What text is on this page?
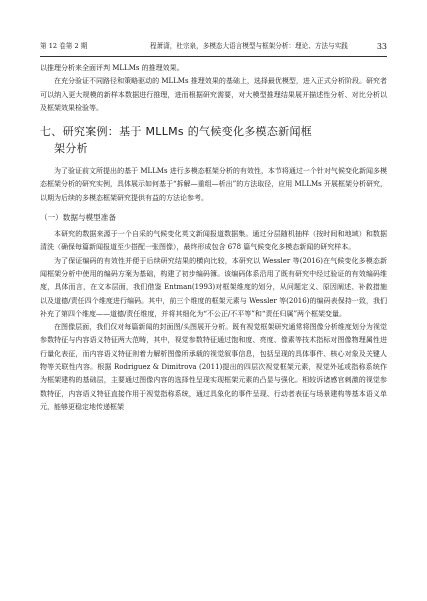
第 12 卷第 2 期	程萧潇，杜宗泉，多模态大语言模型与框架分析：理论、方法与实践	33

以推理分析来全面评判 MLLMs 的推理效果。

在充分验证不同路径和策略驱动的 MLLMs 推理效果的基础上，选择最优模型，进入正式分析阶段。研究者可以纳入更大规模的新样本数据进行推理，进而根据研究需要，对大模型推理结果展开描述性分析、对比分析以及框架效果检验等。

七、研究案例：基于 MLLMs 的气候变化多模态新闻框
架分析

为了验证前文所提出的基于 MLLMs 进行多模态框架分析的有效性，本节将通过一个针对气候变化新闻多模态框架分析的研究实例，具体展示如何基于“拆解—重组—析出”的方法取径，应用 MLLMs 开展框架分析研究，以期为后续的多模态框架研究提供有益的方法论参考。

（一）数据与模型准备

本研究的数据来源于一个自采的气候变化英文新闻报道数据集。通过分层随机抽样（按时间和地域）和数据清洗（确保每篇新闻报道至少搭配一张图像），最终形成包含 678 篇气候变化多模态新闻的研究样本。

为了保证编码的有效性并便于后续研究结果的横向比较，本研究以 Wessler 等(2016)在气候变化多模态新闻框架分析中使用的编码方案为基础，构建了初步编码簿。该编码体系沿用了既有研究中经过验证的有效编码维度，具体而言，在文本层面，我们借鉴 Entman(1993)对框架维度的划分，从问题定义、原因阐述、补救措施以及道德/责任四个维度进行编码。其中，前三个维度的框架元素与 Wessler 等(2016)的编码表保持一致，我们补充了第四个维度——道德/责任维度，并将其细化为“不公正/不平等”和“责任归属”两个框架变量。

在图像层面，我们仅对每篇新闻的封面图/头图展开分析。既有视觉框架研究通常将图像分析维度划分为视觉参数特征与内容语义特征两大范畴，其中，视觉参数特征通过饱和度、亮度、像素等技术指标对图像物理属性进行量化表征，而内容语义特征则着力解析图像所承载的视觉叙事信息，包括呈现的具体事件、核心对象及关键人物等关联性内容。根据 Rodriguez & Dimitrova (2011)提出的四层次视觉框架元素，视觉外延或指称系统作为框架建构的基础层，主要通过图像内容的选择性呈现实现框架元素的凸显与强化。相较诉诸感官刺激的视觉参数特征，内容语义特征直接作用于视觉指称系统，通过具象化的事件呈现、行动者表征与场景建构等基本语义单元，能够更稳定地传递框架
